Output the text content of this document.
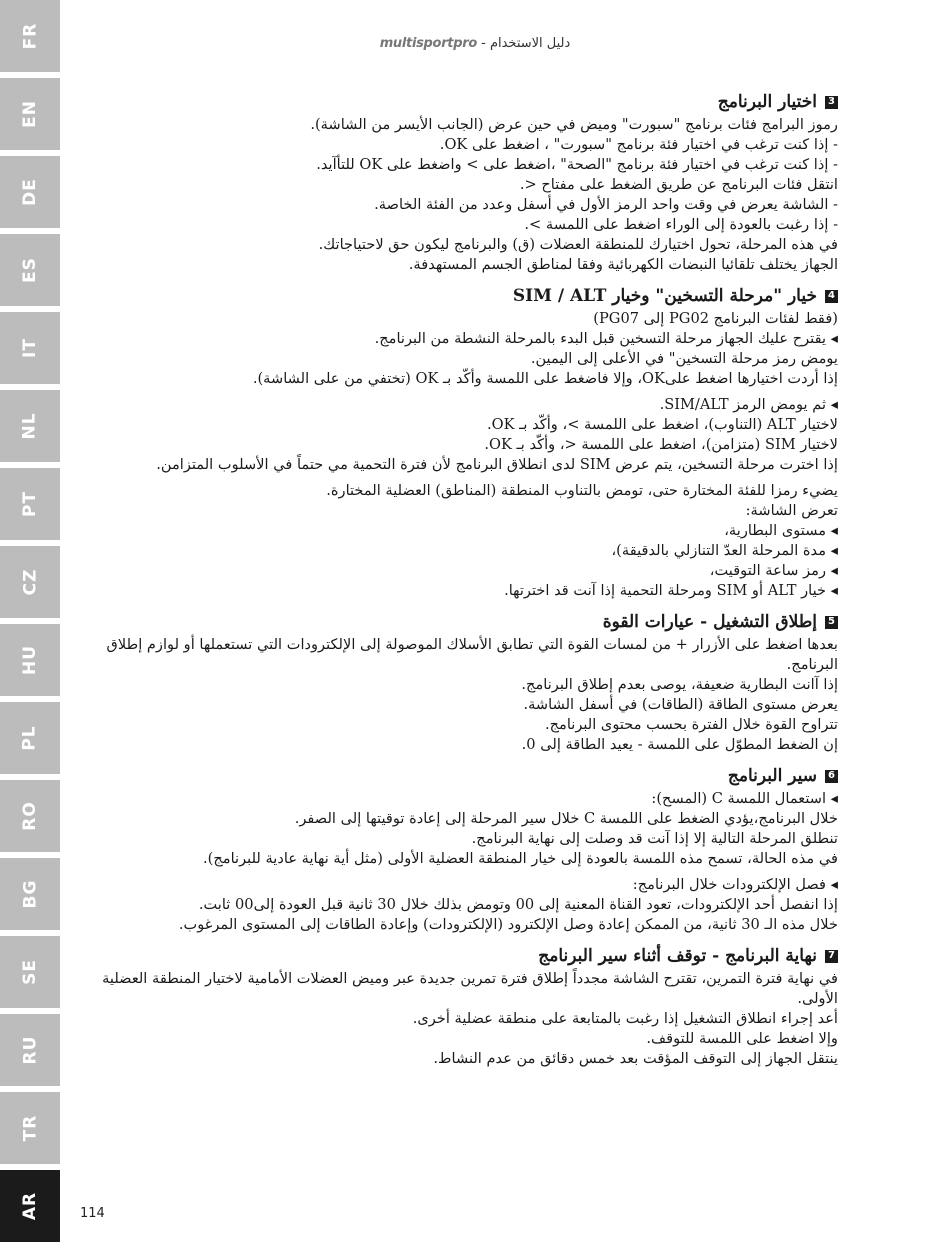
FR
EN
DE
ES
IT
NL
PT
CZ
HU
PL
RO
BG
SE
RU
TR
AR
multisportpro - دليل الاستخدام
3
اختيار البرنامج
رموز البرامج فئات برنامج "سبورت" وميض في حين عرض (الجانب الأيسر من الشاشة).
- إذا كنت ترغب في اختيار فئة برنامج "سبورت" ، اضغط على OK.
- إذا كنت ترغب في اختيار فئة برنامج "الصحة" ،اضغط على > واضغط على OK للتأآيد.
انتقل فئات البرنامج عن طريق الضغط على مفتاح <.
- الشاشة يعرض في وقت واحد الرمز الأول في أسفل وعدد من الفئة الخاصة.
- إذا رغبت بالعودة إلى الوراء اضغط على اللمسة >.
في هذه المرحلة، تحول اختيارك للمنطقة العضلات (ق) والبرنامج ليكون حق لاحتياجاتك.
الجهاز يختلف تلقائيا النبضات الكهربائية وفقا لمناطق الجسم المستهدفة.
4
خيار "مرحلة التسخين" وخيار SIM / ALT
(فقط لفئات البرنامج PG02 إلى PG07)
◂ يقترح عليك الجهاز مرحلة التسخين قبل البدء بالمرحلة النشطة من البرنامج.
يومض رمز مرحلة التسخين" في الأعلى إلى اليمين.
إذا أردت اختيارها اضغط علىOK، وإلا فاضغط على اللمسة وأكّد بـ OK (تختفي من على الشاشة).
◂ ثم يومض الرمز SIM/ALT.
لاختيار ALT (التناوب)، اضغط على اللمسة >، وأكّد بـ OK.
لاختيار SIM (متزامن)، اضغط على اللمسة <، وأكّد بـ OK.
إذا اخترت مرحلة التسخين، يتم عرض SIM لدى انطلاق البرنامج لأن فترة التحمية مي حتماً في الأسلوب المتزامن.
يضيء رمزا للفئة المختارة حتى، تومض بالتناوب المنطقة (المناطق) العضلية المختارة.
تعرض الشاشة:
◂ مستوى البطارية،
◂ مدة المرحلة العدّ التنازلي بالدقيقة)،
◂ رمز ساعة التوقيت،
◂ خيار ALT أو SIM ومرحلة التحمية إذا آنت قد اخترتها.
5
إطلاق التشغيل - عيارات القوة
بعدها اضغط على الأزرار + من لمسات القوة التي تطابق الأسلاك الموصولة إلى الإلكترودات التي تستعملها أو لوازم إطلاق البرنامج.
إذا آانت البطارية ضعيفة، يوصى بعدم إطلاق البرنامج.
يعرض مستوى الطاقة (الطاقات) في أسفل الشاشة.
تتراوح القوة خلال الفترة بحسب محتوى البرنامج.
إن الضغط المطوّل على اللمسة - يعيد الطاقة إلى 0.
6
سير البرنامج
◂ استعمال اللمسة C (المسح):
خلال البرنامج،يؤدي الضغط على اللمسة C خلال سير المرحلة إلى إعادة توقيتها إلى الصفر.
تنطلق المرحلة التالية إلا إذا آنت قد وصلت إلى نهاية البرنامج.
في مذه الحالة، تسمح مذه اللمسة بالعودة إلى خيار المنطقة العضلية الأولى (مثل أية نهاية عادية للبرنامج).
◂ فصل الإلكترودات خلال البرنامج:
إذا انفصل أحد الإلكترودات، تعود القناة المعنية إلى 00 وتومض بذلك خلال 30 ثانية قبل العودة إلى00 ثابت.
خلال مذه الـ 30 ثانية، من الممكن إعادة وصل الإلكترود (الإلكترودات) وإعادة الطاقات إلى المستوى المرغوب.
7
نهاية البرنامج - توقف أثناء سير البرنامج
في نهاية فترة التمرين، تقترح الشاشة مجدداً إطلاق فترة تمرين جديدة عبر وميض العضلات الأمامية لاختيار المنطقة العضلية الأولى.
أعد إجراء انطلاق التشغيل إذا رغبت بالمتابعة على منطقة عضلية أخرى.
وإلا اضغط على اللمسة للتوقف.
ينتقل الجهاز إلى التوقف المؤقت بعد خمس دقائق من عدم النشاط.
114
